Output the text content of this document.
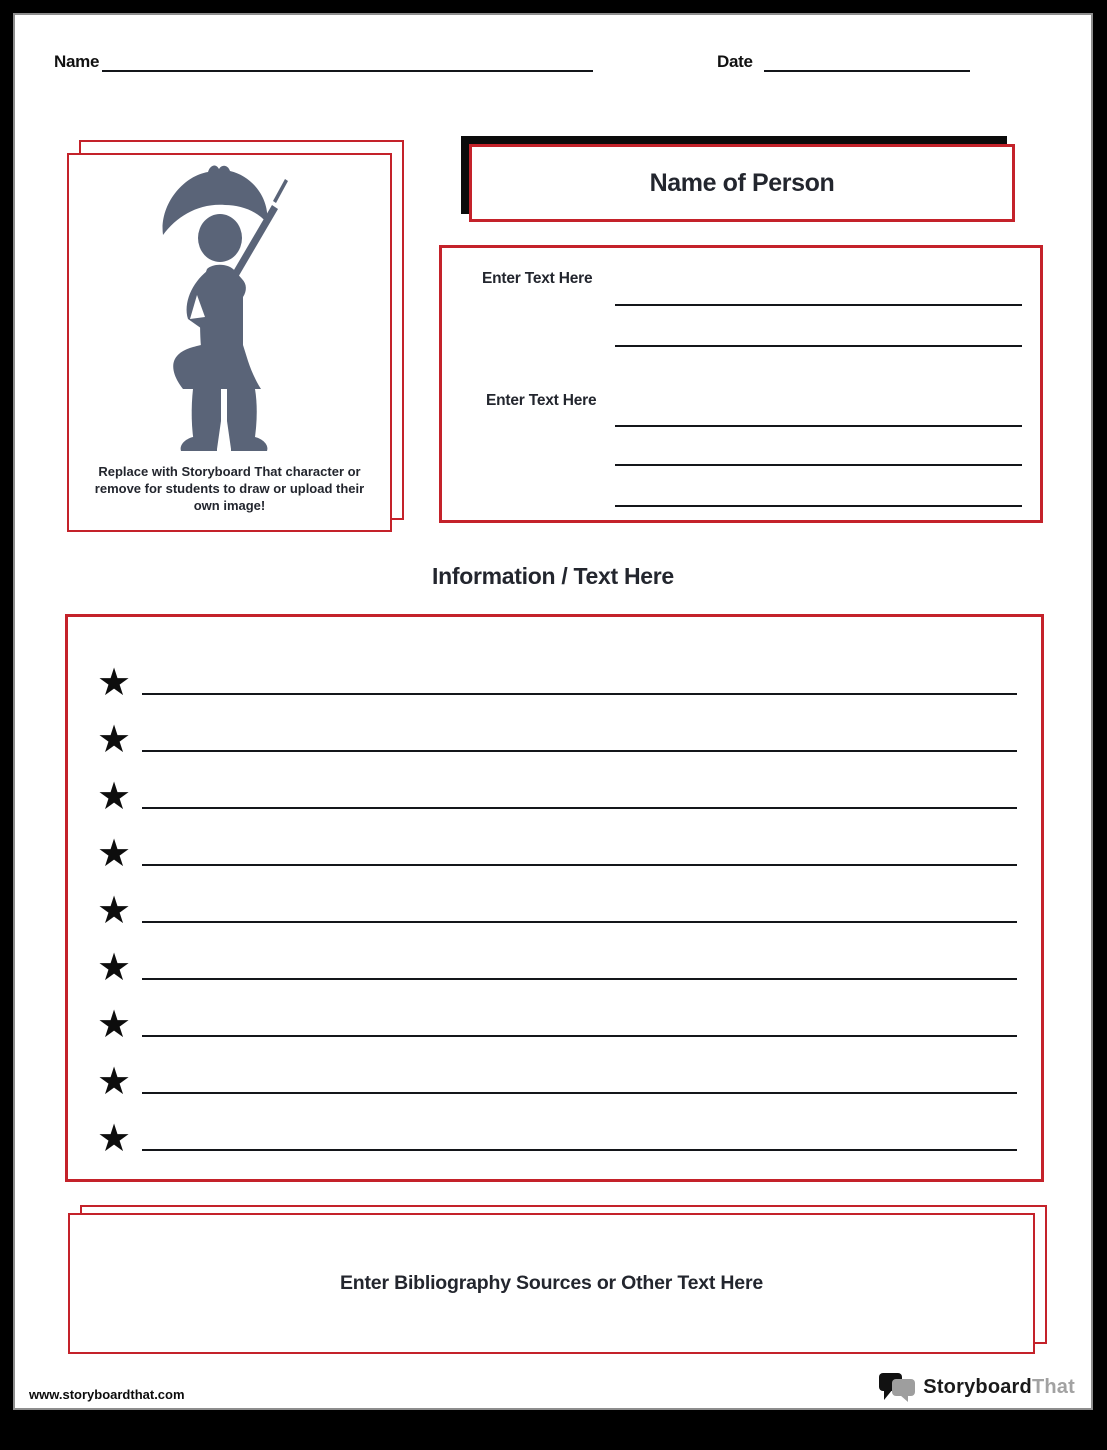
Name	Date
Replace with Storyboard That character or remove for students to draw or upload their own image!
Name of Person
Enter Text Here
Enter Text Here
Information / Text Here
★
★
★
★
★
★
★
★
★
Enter Bibliography Sources or Other Text Here
www.storyboardthat.com	StoryboardThat
